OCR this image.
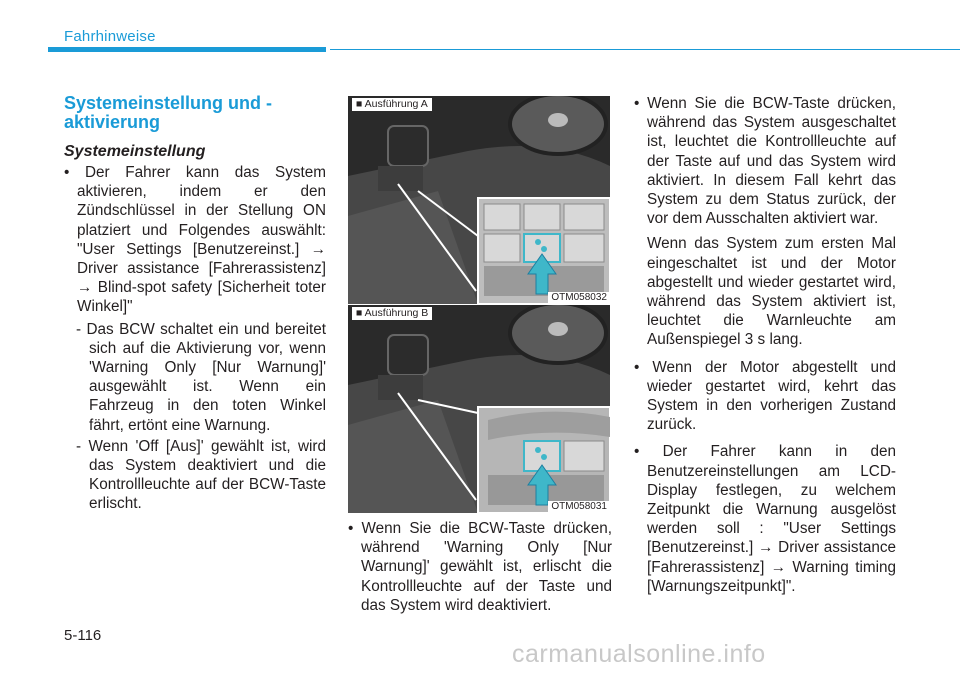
Fahrhinweise
Systemeinstellung und -aktivierung
Systemeinstellung

• Der Fahrer kann das System aktivieren, indem er den Zündschlüssel in der Stellung ON platziert und Folgendes auswählt: "User Settings [Benutzereinst.] → Driver assistance [Fahrerassistenz] → Blind-spot safety [Sicherheit toter Winkel]"

- Das BCW schaltet ein und bereitet sich auf die Aktivierung vor, wenn 'Warning Only [Nur Warnung]' ausgewählt ist. Wenn ein Fahrzeug in den toten Winkel fährt, ertönt eine Warnung.

- Wenn 'Off [Aus]' gewählt ist, wird das System deaktiviert und die Kontrollleuchte auf der BCW-Taste erlischt.

■ Ausführung A
OTM058032
■ Ausführung B
OTM058031

• Wenn Sie die BCW-Taste drücken, während 'Warning Only [Nur Warnung]' gewählt ist, erlischt die Kontrollleuchte auf der Taste und das System wird deaktiviert.

• Wenn Sie die BCW-Taste drücken, während das System ausgeschaltet ist, leuchtet die Kontrollleuchte auf der Taste auf und das System wird aktiviert. In diesem Fall kehrt das System zu dem Status zurück, der vor dem Ausschalten aktiviert war.

Wenn das System zum ersten Mal eingeschaltet ist und der Motor abgestellt und wieder gestartet wird, während das System aktiviert ist, leuchtet die Warnleuchte am Außenspiegel 3 s lang.

• Wenn der Motor abgestellt und wieder gestartet wird, kehrt das System in den vorherigen Zustand zurück.

• Der Fahrer kann in den Benutzereinstellungen am LCD-Display festlegen, zu welchem Zeitpunkt die Warnung ausgelöst werden soll : "User Settings [Benutzereinst.] → Driver assistance [Fahrerassistenz] → Warning timing [Warnungszeitpunkt]".

5-116
carmanualsonline.info
